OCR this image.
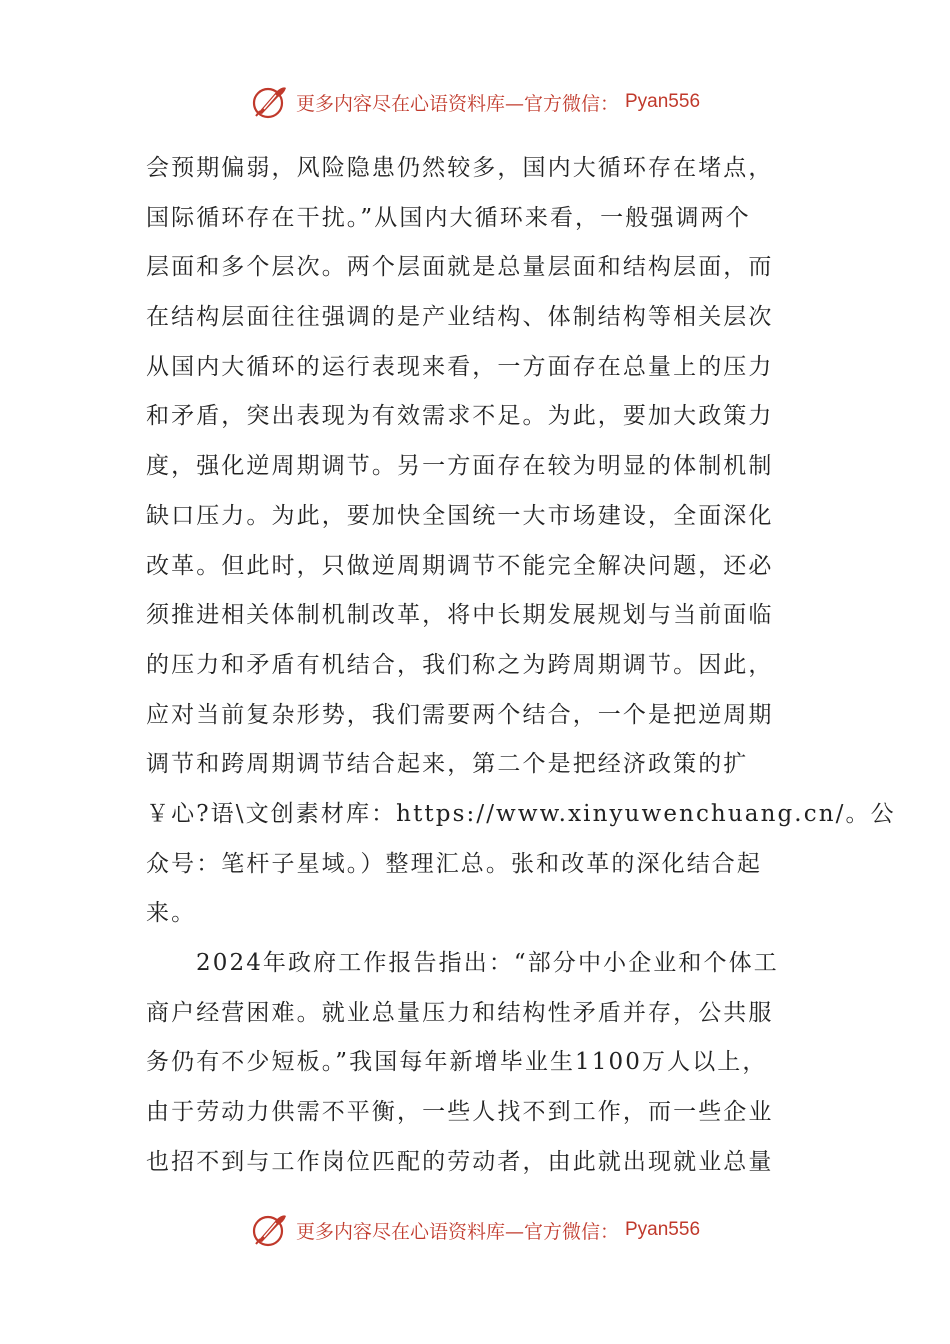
更多内容尽在心语资料库—官方微信： Pyan556
会预期偏弱，风险隐患仍然较多，国内大循环存在堵点，
国际循环存在干扰。”从国内大循环来看，一般强调两个
层面和多个层次。两个层面就是总量层面和结构层面，而
在结构层面往往强调的是产业结构、体制结构等相关层次
从国内大循环的运行表现来看，一方面存在总量上的压力
和矛盾，突出表现为有效需求不足。为此，要加大政策力
度，强化逆周期调节。另一方面存在较为明显的体制机制
缺口压力。为此，要加快全国统一大市场建设，全面深化
改革。但此时，只做逆周期调节不能完全解决问题，还必
须推进相关体制机制改革，将中长期发展规划与当前面临
的压力和矛盾有机结合，我们称之为跨周期调节。因此，
应对当前复杂形势，我们需要两个结合，一个是把逆周期
调节和跨周期调节结合起来，第二个是把经济政策的扩
￥心?语\文创素材库：https://www.xinyuwenchuang.cn/。公
众号：笔杆子星域。）整理汇总。张和改革的深化结合起
来。
2024年政府工作报告指出：“部分中小企业和个体工
商户经营困难。就业总量压力和结构性矛盾并存，公共服
务仍有不少短板。”我国每年新增毕业生1100万人以上，
由于劳动力供需不平衡，一些人找不到工作，而一些企业
也招不到与工作岗位匹配的劳动者，由此就出现就业总量
更多内容尽在心语资料库—官方微信： Pyan556
